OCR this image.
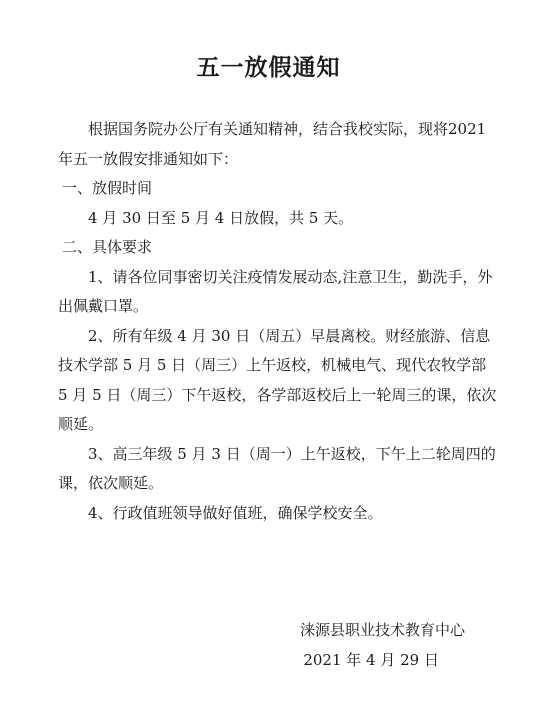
五一放假通知

根据国务院办公厅有关通知精神，结合我校实际，现将2021 年五一放假安排通知如下：

一、放假时间

4 月 30 日至 5 月 4 日放假，共 5 天。

二、具体要求

1、请各位同事密切关注疫情发展动态,注意卫生，勤洗手，外出佩戴口罩。

2、所有年级 4 月 30 日（周五）早晨离校。财经旅游、信息技术学部 5 月 5 日（周三）上午返校，机械电气、现代农牧学部 5 月 5 日（周三）下午返校，各学部返校后上一轮周三的课，依次顺延。

3、高三年级 5 月 3 日（周一）上午返校，下午上二轮周四的课，依次顺延。

4、行政值班领导做好值班，确保学校安全。

涞源县职业技术教育中心
2021 年 4 月 29 日
